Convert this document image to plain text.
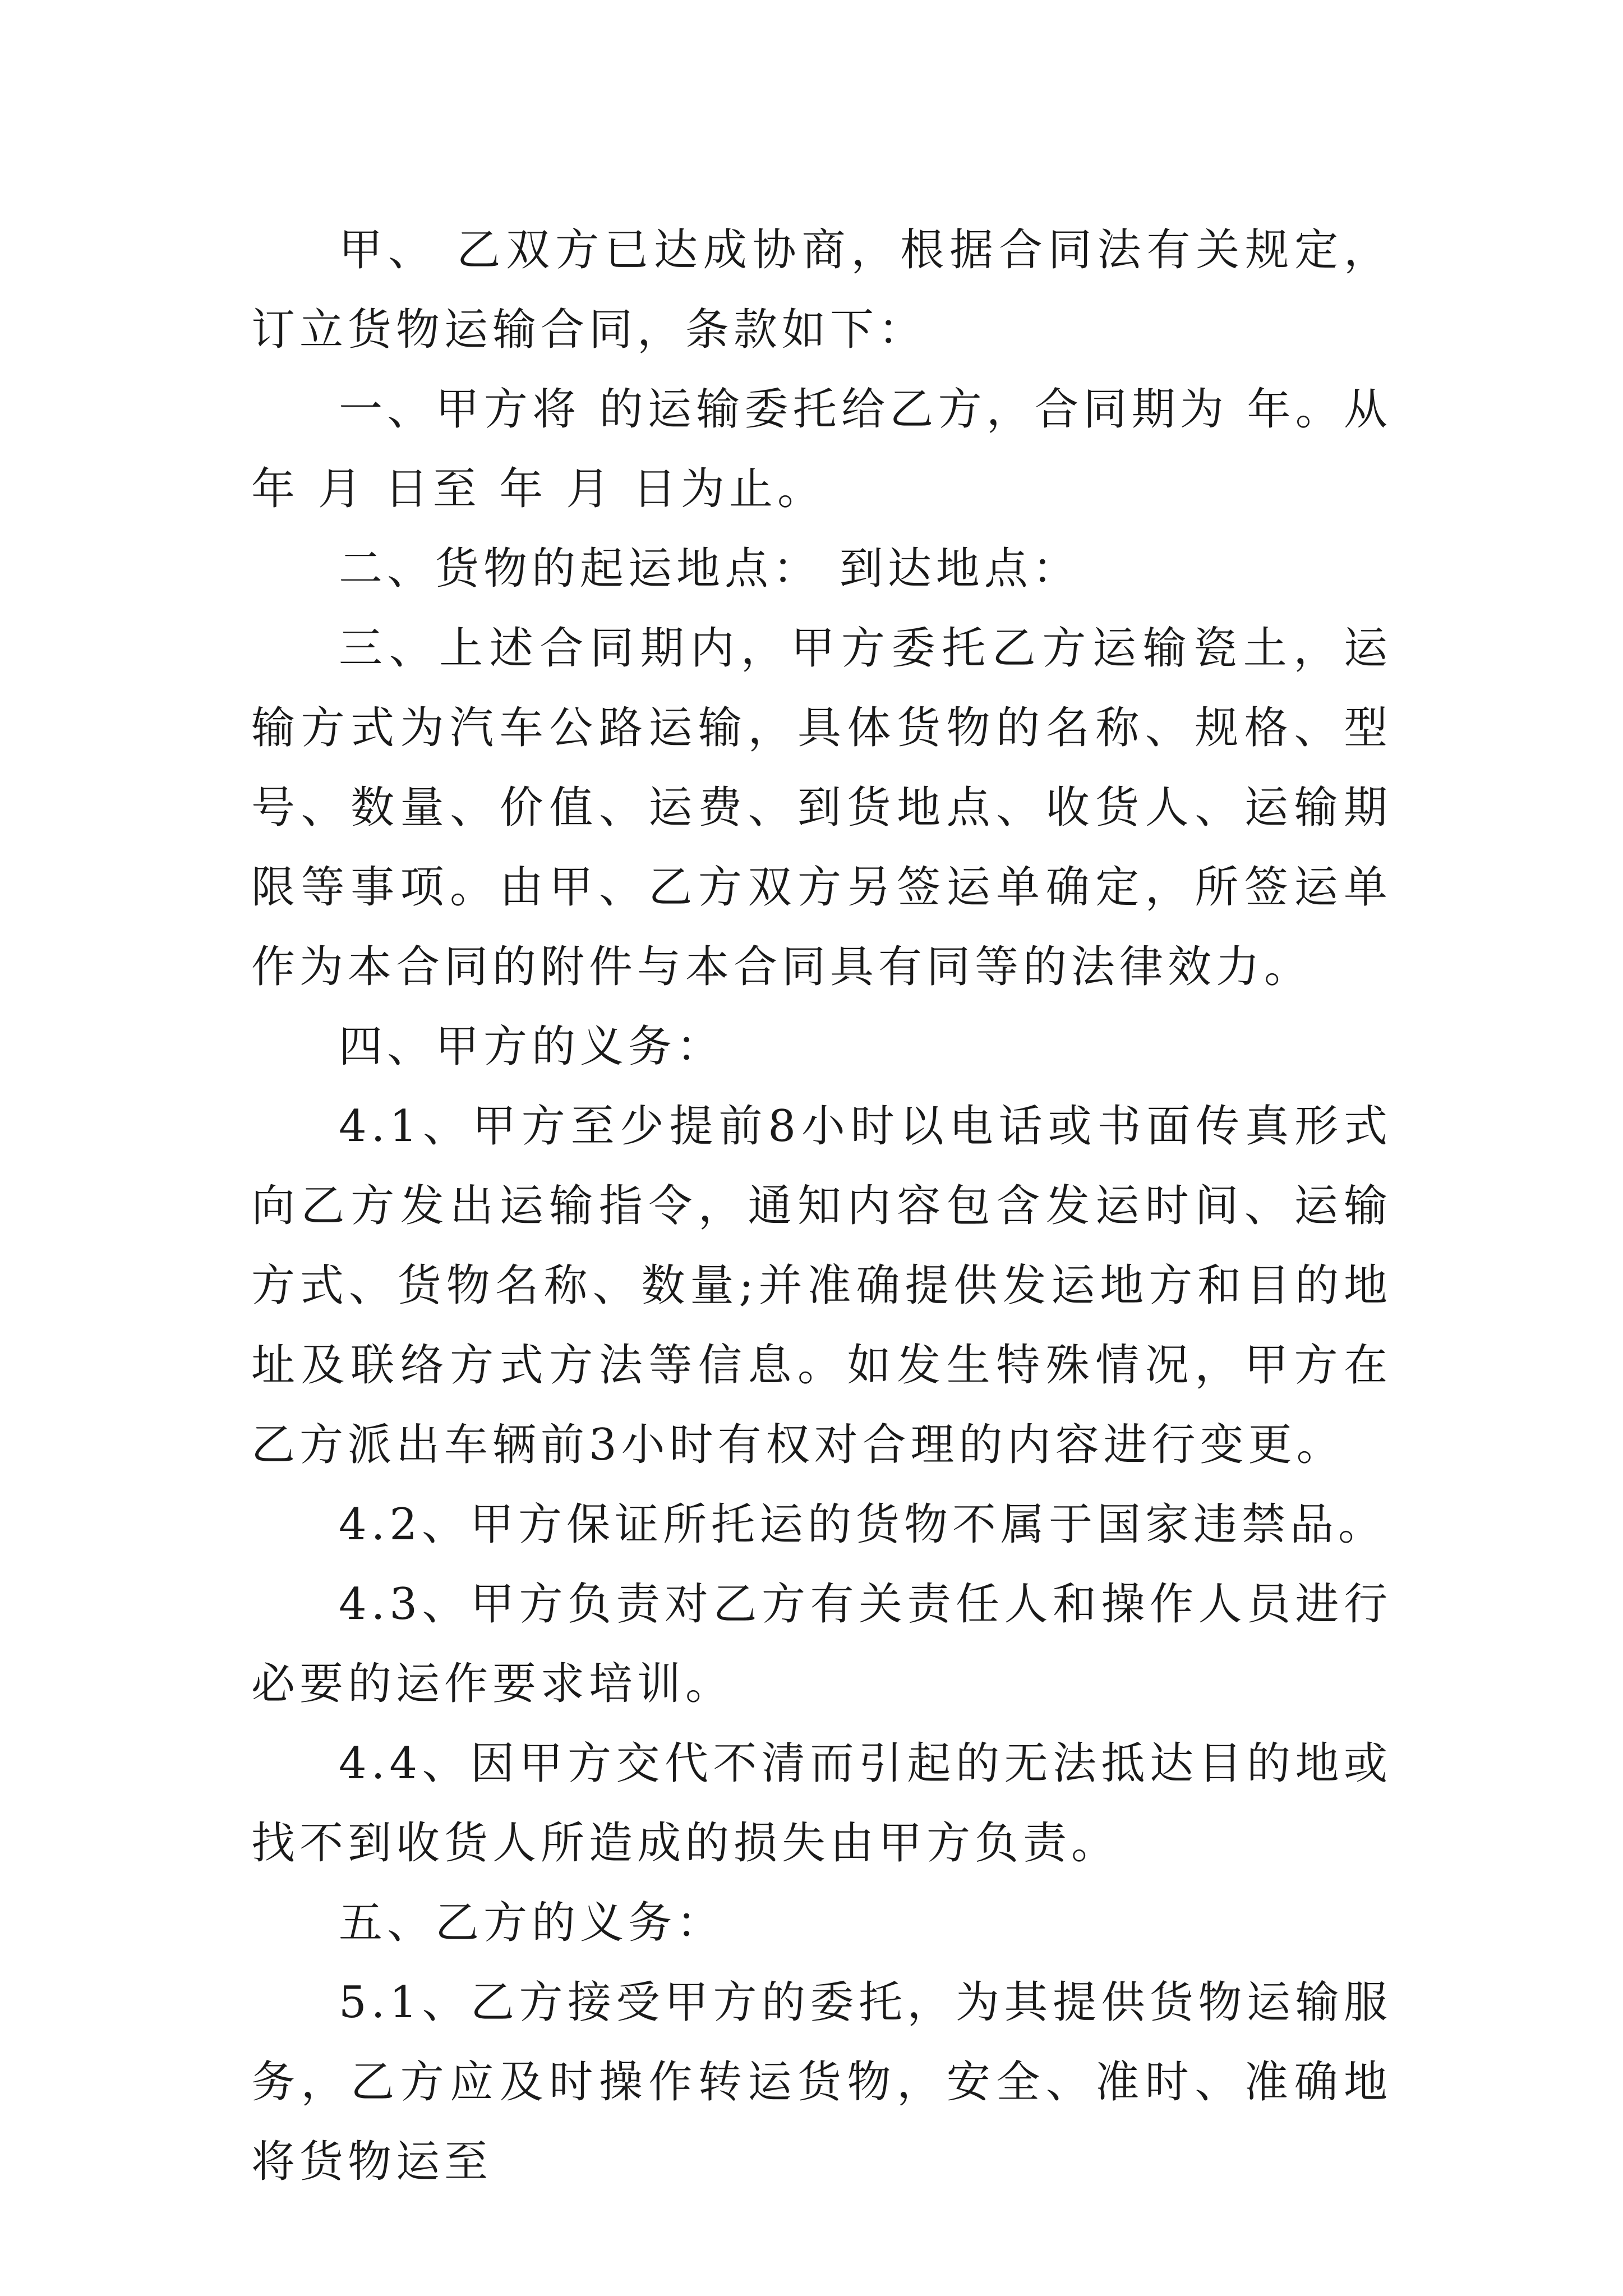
甲、 乙双方已达成协商，根据合同法有关规定，订立货物运输合同，条款如下：

一、甲方将 的运输委托给乙方，合同期为 年。从 年 月 日至 年 月 日为止。

二、货物的起运地点： 到达地点：

三、上述合同期内，甲方委托乙方运输瓷土，运输方式为汽车公路运输，具体货物的名称、规格、型号、数量、价值、运费、到货地点、收货人、运输期限等事项。由甲、乙方双方另签运单确定，所签运单作为本合同的附件与本合同具有同等的法律效力。

四、甲方的义务：

4.1、甲方至少提前8小时以电话或书面传真形式向乙方发出运输指令，通知内容包含发运时间、运输方式、货物名称、数量;并准确提供发运地方和目的地址及联络方式方法等信息。如发生特殊情况，甲方在乙方派出车辆前3小时有权对合理的内容进行变更。

4.2、甲方保证所托运的货物不属于国家违禁品。

4.3、甲方负责对乙方有关责任人和操作人员进行必要的运作要求培训。

4.4、因甲方交代不清而引起的无法抵达目的地或找不到收货人所造成的损失由甲方负责。

五、乙方的义务：

5.1、乙方接受甲方的委托，为其提供货物运输服务，乙方应及时操作转运货物，安全、准时、准确地将货物运至
